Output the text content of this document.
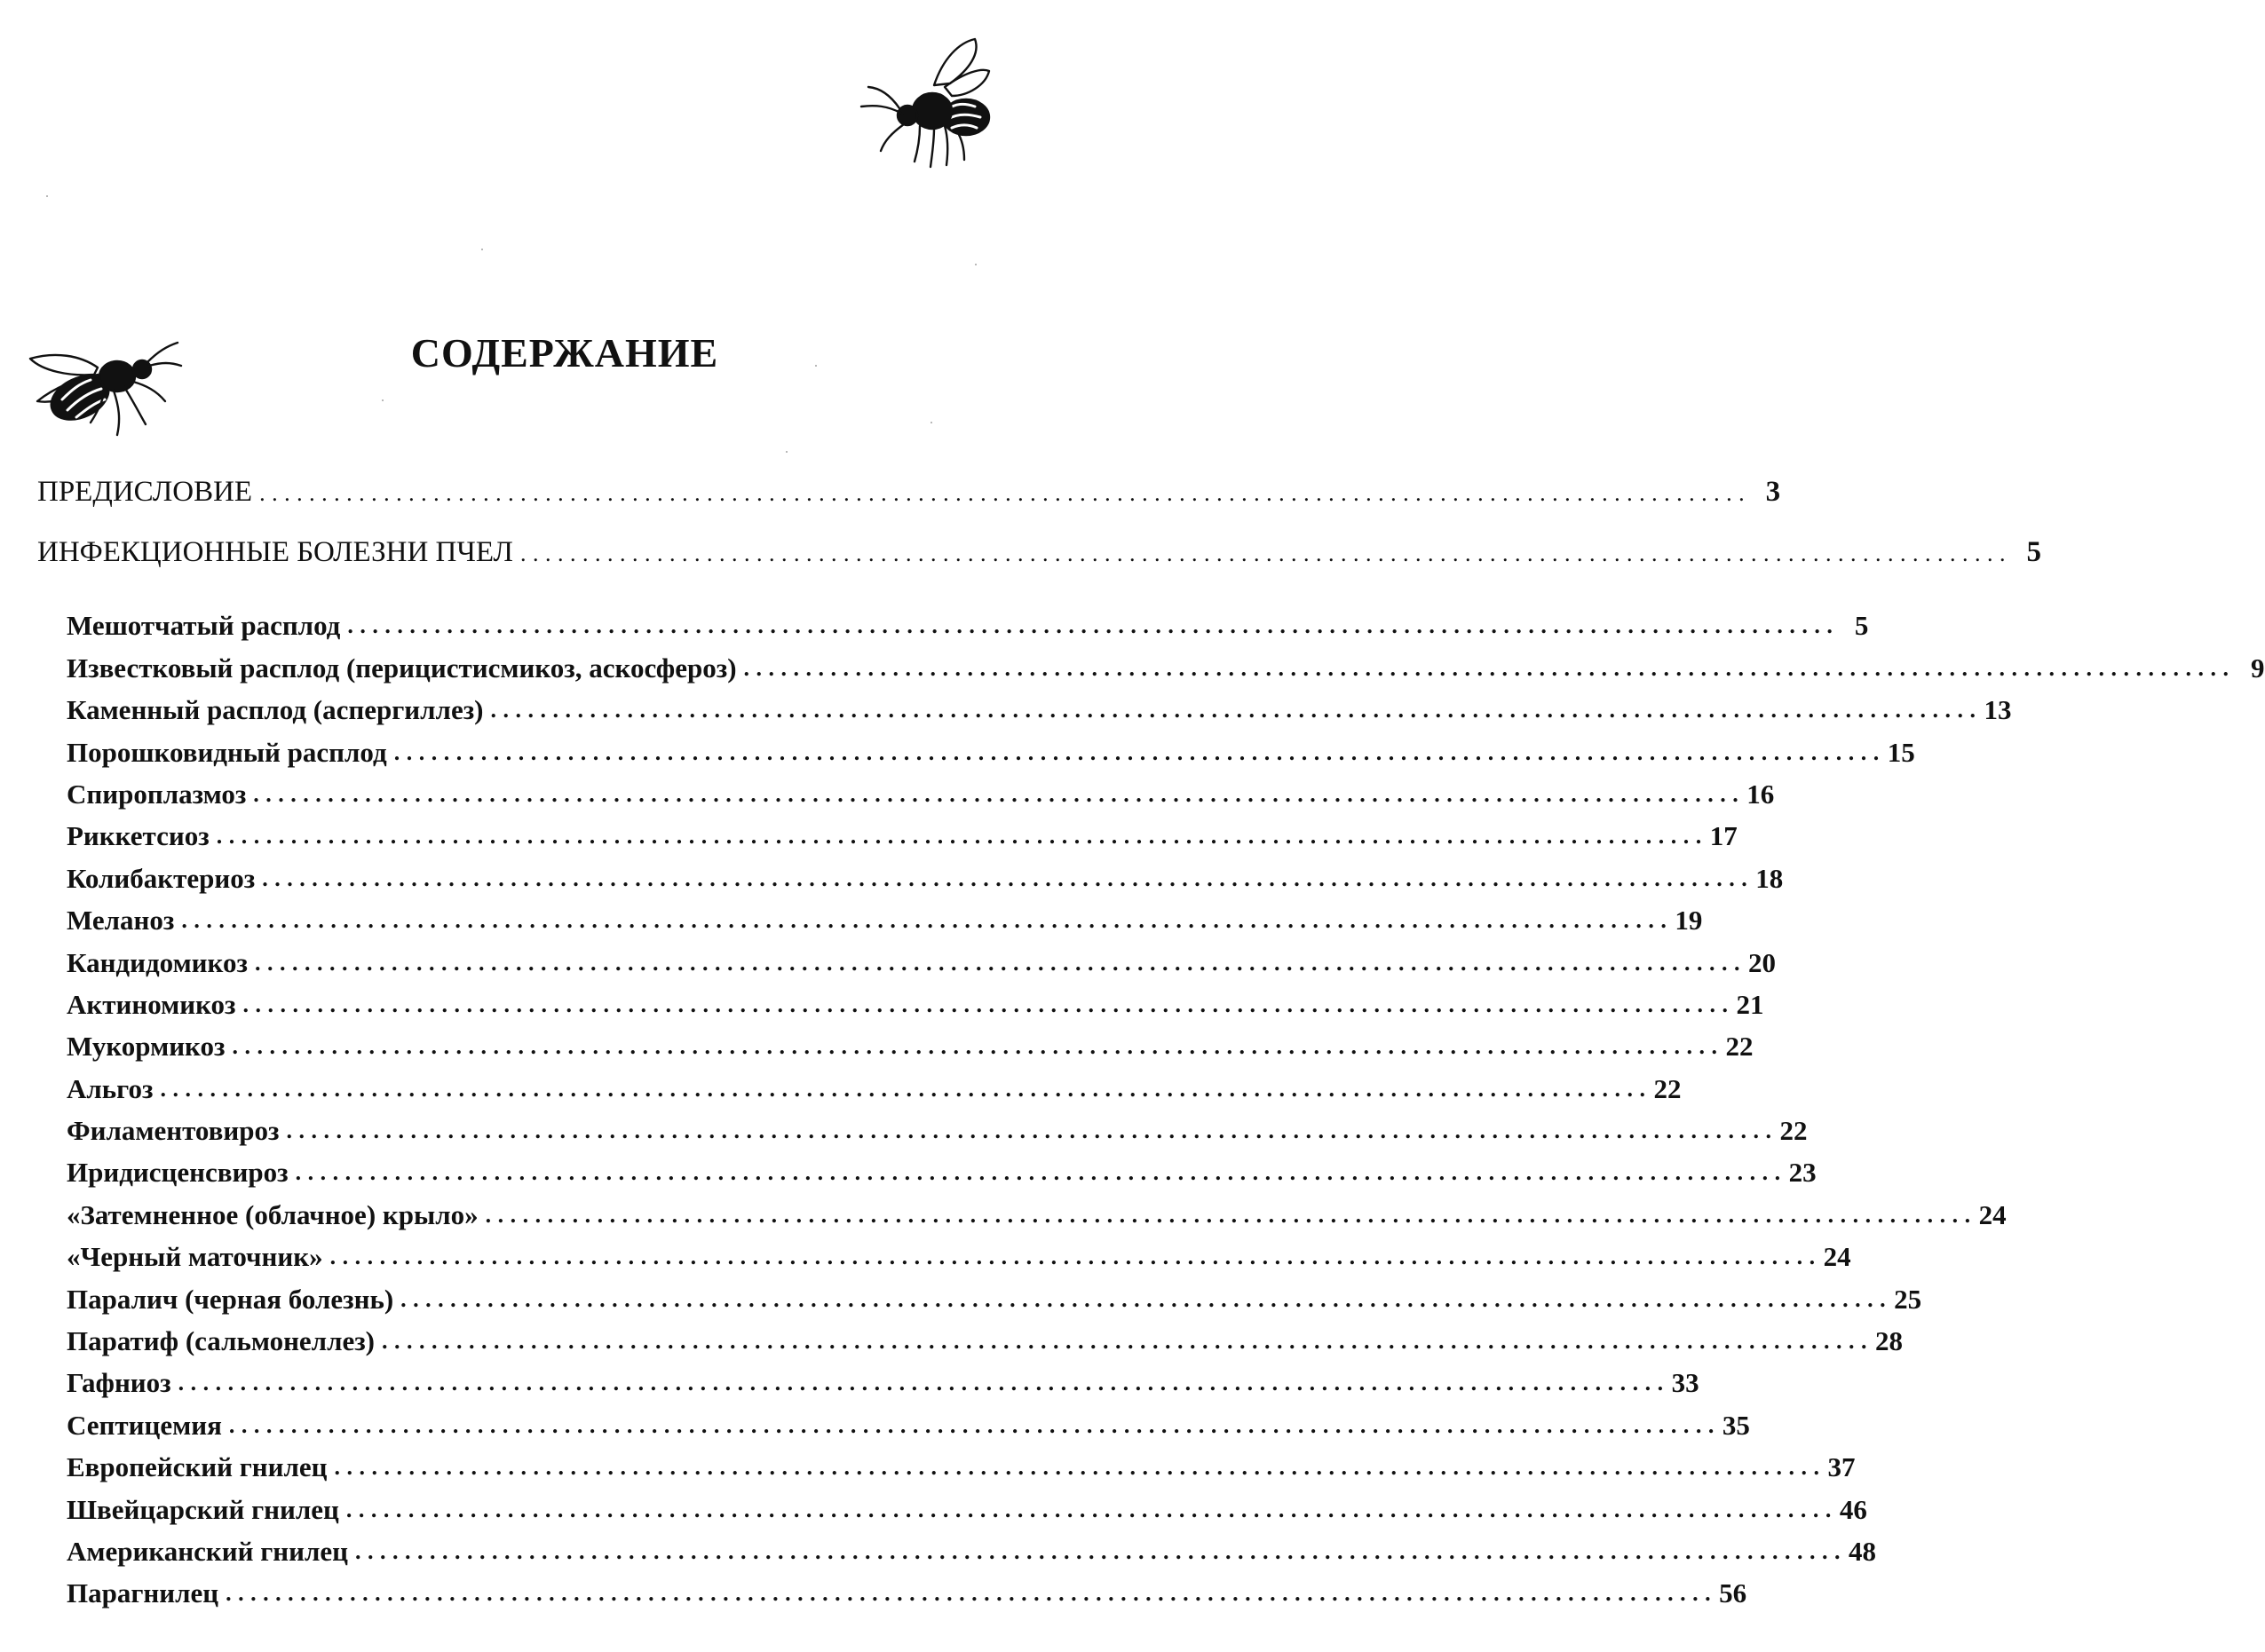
СОДЕРЖАНИЕ
ПРЕДИСЛОВИЕ . . . . . . . . . . . . . . . . . . . . . . . . . . . . . . . . . . . . . . . . . . . . . . . . . . . . . . . . . . . . . . . . . . . . . . . . . . . . . . . . . . . . . . . . . . . . . . . . . . . . . . . . . . . . . . . . . . . . . . . . 3
ИНФЕКЦИОННЫЕ БОЛЕЗНИ ПЧЕЛ . . . . . . . . . . . . . . . . . . . . . . . . . . . . . . . . . . . . . . . . . . . . . . . . . . . . . . . . . . . . . . . . . . . . . . . . . . . . . . . . . . . . . . . . . . . . . . . . . . . . . . . . . . . . . . . . . . . . . . . . 5
Мешотчатый расплод . . . . . . . . . . . . . . . . . . . . . . . . . . . . . . . . . . . . . . . . . . . . . . . . . . . . . . . . . . . . . . . . . . . . . . . . . . . . . . . . . . . . . . . . . . . . . . . . . . . . . . . . . . . . . . . . . . . . . . . . 5
Известковый расплод (перицистисмикоз, аскосфероз) . . . . . . . . . . . . . . . . . . . . . . . . . . . . . . . . . . . . . . . . . . . . . . . . . . . . . . . . . . . . . . . . . . . . . . . . . . . . . . . . . . . . . . . . . . . . . . . . . . . . . . . . . . . . . . . . . . . . . . . . 9
Каменный расплод (аспергиллез) . . . . . . . . . . . . . . . . . . . . . . . . . . . . . . . . . . . . . . . . . . . . . . . . . . . . . . . . . . . . . . . . . . . . . . . . . . . . . . . . . . . . . . . . . . . . . . . . . . . . . . . . . . . . . . . . . . . . . . . . 13
Порошковидный расплод . . . . . . . . . . . . . . . . . . . . . . . . . . . . . . . . . . . . . . . . . . . . . . . . . . . . . . . . . . . . . . . . . . . . . . . . . . . . . . . . . . . . . . . . . . . . . . . . . . . . . . . . . . . . . . . . . . . . . . . . 15
Спироплазмоз . . . . . . . . . . . . . . . . . . . . . . . . . . . . . . . . . . . . . . . . . . . . . . . . . . . . . . . . . . . . . . . . . . . . . . . . . . . . . . . . . . . . . . . . . . . . . . . . . . . . . . . . . . . . . . . . . . . . . . . . 16
Риккетсиоз . . . . . . . . . . . . . . . . . . . . . . . . . . . . . . . . . . . . . . . . . . . . . . . . . . . . . . . . . . . . . . . . . . . . . . . . . . . . . . . . . . . . . . . . . . . . . . . . . . . . . . . . . . . . . . . . . . . . . . . . 17
Колибактериоз . . . . . . . . . . . . . . . . . . . . . . . . . . . . . . . . . . . . . . . . . . . . . . . . . . . . . . . . . . . . . . . . . . . . . . . . . . . . . . . . . . . . . . . . . . . . . . . . . . . . . . . . . . . . . . . . . . . . . . . . 18
Меланоз . . . . . . . . . . . . . . . . . . . . . . . . . . . . . . . . . . . . . . . . . . . . . . . . . . . . . . . . . . . . . . . . . . . . . . . . . . . . . . . . . . . . . . . . . . . . . . . . . . . . . . . . . . . . . . . . . . . . . . . . 19
Кандидомикоз . . . . . . . . . . . . . . . . . . . . . . . . . . . . . . . . . . . . . . . . . . . . . . . . . . . . . . . . . . . . . . . . . . . . . . . . . . . . . . . . . . . . . . . . . . . . . . . . . . . . . . . . . . . . . . . . . . . . . . . . 20
Актиномикоз . . . . . . . . . . . . . . . . . . . . . . . . . . . . . . . . . . . . . . . . . . . . . . . . . . . . . . . . . . . . . . . . . . . . . . . . . . . . . . . . . . . . . . . . . . . . . . . . . . . . . . . . . . . . . . . . . . . . . . . . 21
Мукормикоз . . . . . . . . . . . . . . . . . . . . . . . . . . . . . . . . . . . . . . . . . . . . . . . . . . . . . . . . . . . . . . . . . . . . . . . . . . . . . . . . . . . . . . . . . . . . . . . . . . . . . . . . . . . . . . . . . . . . . . . . 22
Альгоз . . . . . . . . . . . . . . . . . . . . . . . . . . . . . . . . . . . . . . . . . . . . . . . . . . . . . . . . . . . . . . . . . . . . . . . . . . . . . . . . . . . . . . . . . . . . . . . . . . . . . . . . . . . . . . . . . . . . . . . . 22
Филаментовироз . . . . . . . . . . . . . . . . . . . . . . . . . . . . . . . . . . . . . . . . . . . . . . . . . . . . . . . . . . . . . . . . . . . . . . . . . . . . . . . . . . . . . . . . . . . . . . . . . . . . . . . . . . . . . . . . . . . . . . . . 22
Иридисценсвироз . . . . . . . . . . . . . . . . . . . . . . . . . . . . . . . . . . . . . . . . . . . . . . . . . . . . . . . . . . . . . . . . . . . . . . . . . . . . . . . . . . . . . . . . . . . . . . . . . . . . . . . . . . . . . . . . . . . . . . . . 23
«Затемненное (облачное) крыло» . . . . . . . . . . . . . . . . . . . . . . . . . . . . . . . . . . . . . . . . . . . . . . . . . . . . . . . . . . . . . . . . . . . . . . . . . . . . . . . . . . . . . . . . . . . . . . . . . . . . . . . . . . . . . . . . . . . . . . . . 24
«Черный маточник» . . . . . . . . . . . . . . . . . . . . . . . . . . . . . . . . . . . . . . . . . . . . . . . . . . . . . . . . . . . . . . . . . . . . . . . . . . . . . . . . . . . . . . . . . . . . . . . . . . . . . . . . . . . . . . . . . . . . . . . . 24
Паралич (черная болезнь) . . . . . . . . . . . . . . . . . . . . . . . . . . . . . . . . . . . . . . . . . . . . . . . . . . . . . . . . . . . . . . . . . . . . . . . . . . . . . . . . . . . . . . . . . . . . . . . . . . . . . . . . . . . . . . . . . . . . . . . . 25
Паратиф (сальмонеллез) . . . . . . . . . . . . . . . . . . . . . . . . . . . . . . . . . . . . . . . . . . . . . . . . . . . . . . . . . . . . . . . . . . . . . . . . . . . . . . . . . . . . . . . . . . . . . . . . . . . . . . . . . . . . . . . . . . . . . . . . 28
Гафниоз . . . . . . . . . . . . . . . . . . . . . . . . . . . . . . . . . . . . . . . . . . . . . . . . . . . . . . . . . . . . . . . . . . . . . . . . . . . . . . . . . . . . . . . . . . . . . . . . . . . . . . . . . . . . . . . . . . . . . . . . 33
Септицемия . . . . . . . . . . . . . . . . . . . . . . . . . . . . . . . . . . . . . . . . . . . . . . . . . . . . . . . . . . . . . . . . . . . . . . . . . . . . . . . . . . . . . . . . . . . . . . . . . . . . . . . . . . . . . . . . . . . . . . . . 35
Европейский гнилец . . . . . . . . . . . . . . . . . . . . . . . . . . . . . . . . . . . . . . . . . . . . . . . . . . . . . . . . . . . . . . . . . . . . . . . . . . . . . . . . . . . . . . . . . . . . . . . . . . . . . . . . . . . . . . . . . . . . . . . . 37
Швейцарский гнилец . . . . . . . . . . . . . . . . . . . . . . . . . . . . . . . . . . . . . . . . . . . . . . . . . . . . . . . . . . . . . . . . . . . . . . . . . . . . . . . . . . . . . . . . . . . . . . . . . . . . . . . . . . . . . . . . . . . . . . . . 46
Американский гнилец . . . . . . . . . . . . . . . . . . . . . . . . . . . . . . . . . . . . . . . . . . . . . . . . . . . . . . . . . . . . . . . . . . . . . . . . . . . . . . . . . . . . . . . . . . . . . . . . . . . . . . . . . . . . . . . . . . . . . . . . 48
Парагнилец . . . . . . . . . . . . . . . . . . . . . . . . . . . . . . . . . . . . . . . . . . . . . . . . . . . . . . . . . . . . . . . . . . . . . . . . . . . . . . . . . . . . . . . . . . . . . . . . . . . . . . . . . . . . . . . . . . . . . . . . 56
